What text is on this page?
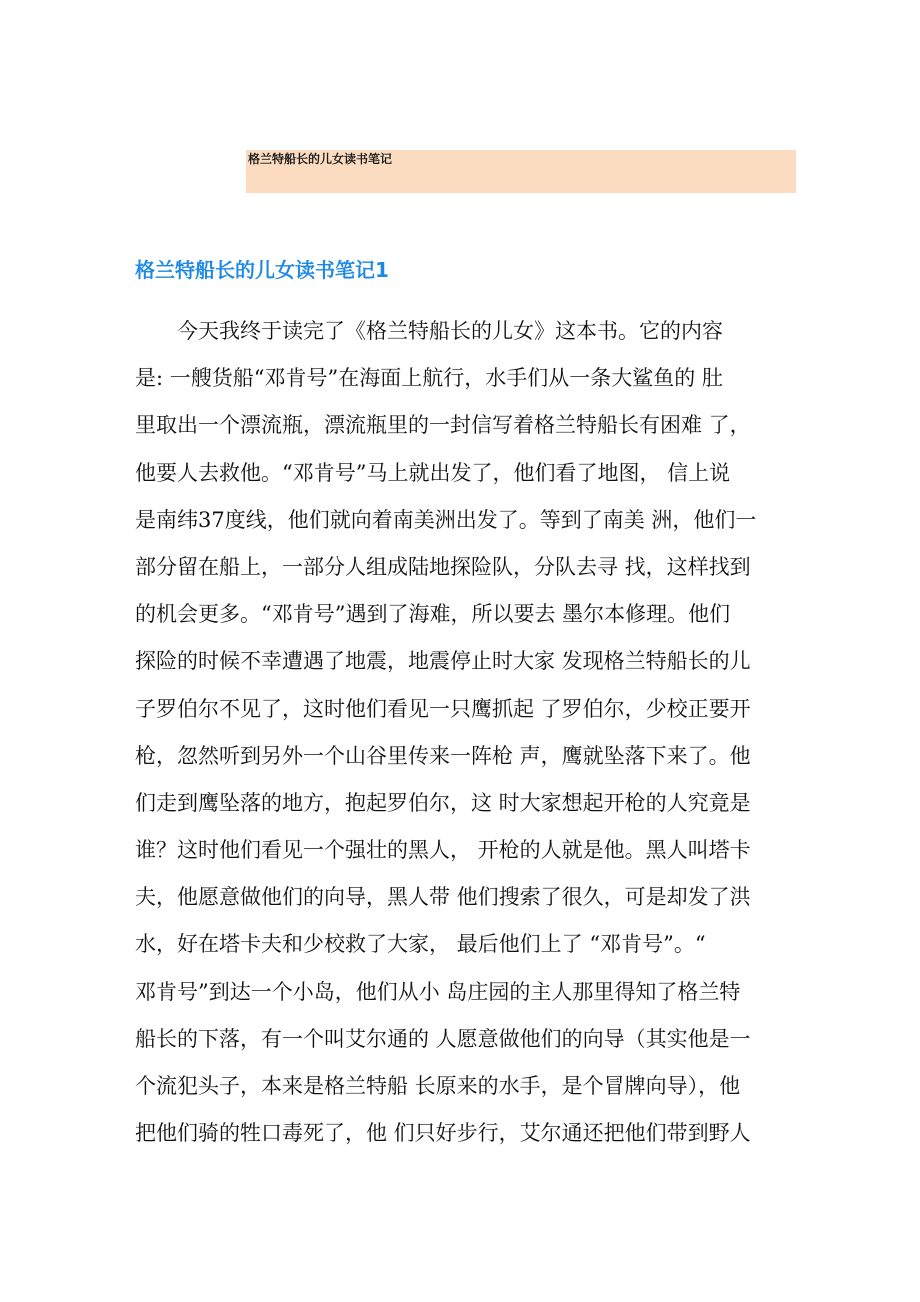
格兰特船长的儿女读书笔记
格兰特船长的儿女读书笔记1
今天我终于读完了《格兰特船长的儿女》这本书。它的内容
是: 一艘货船“邓肯号”在海面上航行，水手们从一条大鲨鱼的 肚
里取出一个漂流瓶，漂流瓶里的一封信写着格兰特船长有困难 了，
他要人去救他。“邓肯号”马上就出发了，他们看了地图， 信上说
是南纬37度线，他们就向着南美洲出发了。等到了南美 洲，他们一
部分留在船上，一部分人组成陆地探险队，分队去寻 找，这样找到
的机会更多。“邓肯号”遇到了海难，所以要去 墨尔本修理。他们
探险的时候不幸遭遇了地震，地震停止时大家 发现格兰特船长的儿
子罗伯尔不见了，这时他们看见一只鹰抓起 了罗伯尔，少校正要开
枪，忽然听到另外一个山谷里传来一阵枪 声，鹰就坠落下来了。他
们走到鹰坠落的地方，抱起罗伯尔，这 时大家想起开枪的人究竟是
谁？这时他们看见一个强壮的黑人， 开枪的人就是他。黑人叫塔卡
夫，他愿意做他们的向导，黑人带 他们搜索了很久，可是却发了洪
水，好在塔卡夫和少校救了大家， 最后他们上了 “邓肯号”。“
邓肯号”到达一个小岛，他们从小 岛庄园的主人那里得知了格兰特
船长的下落，有一个叫艾尔通的 人愿意做他们的向导（其实他是一
个流犯头子，本来是格兰特船 长原来的水手，是个冒牌向导），他
把他们骑的牲口毒死了，他 们只好步行，艾尔通还把他们带到野人
